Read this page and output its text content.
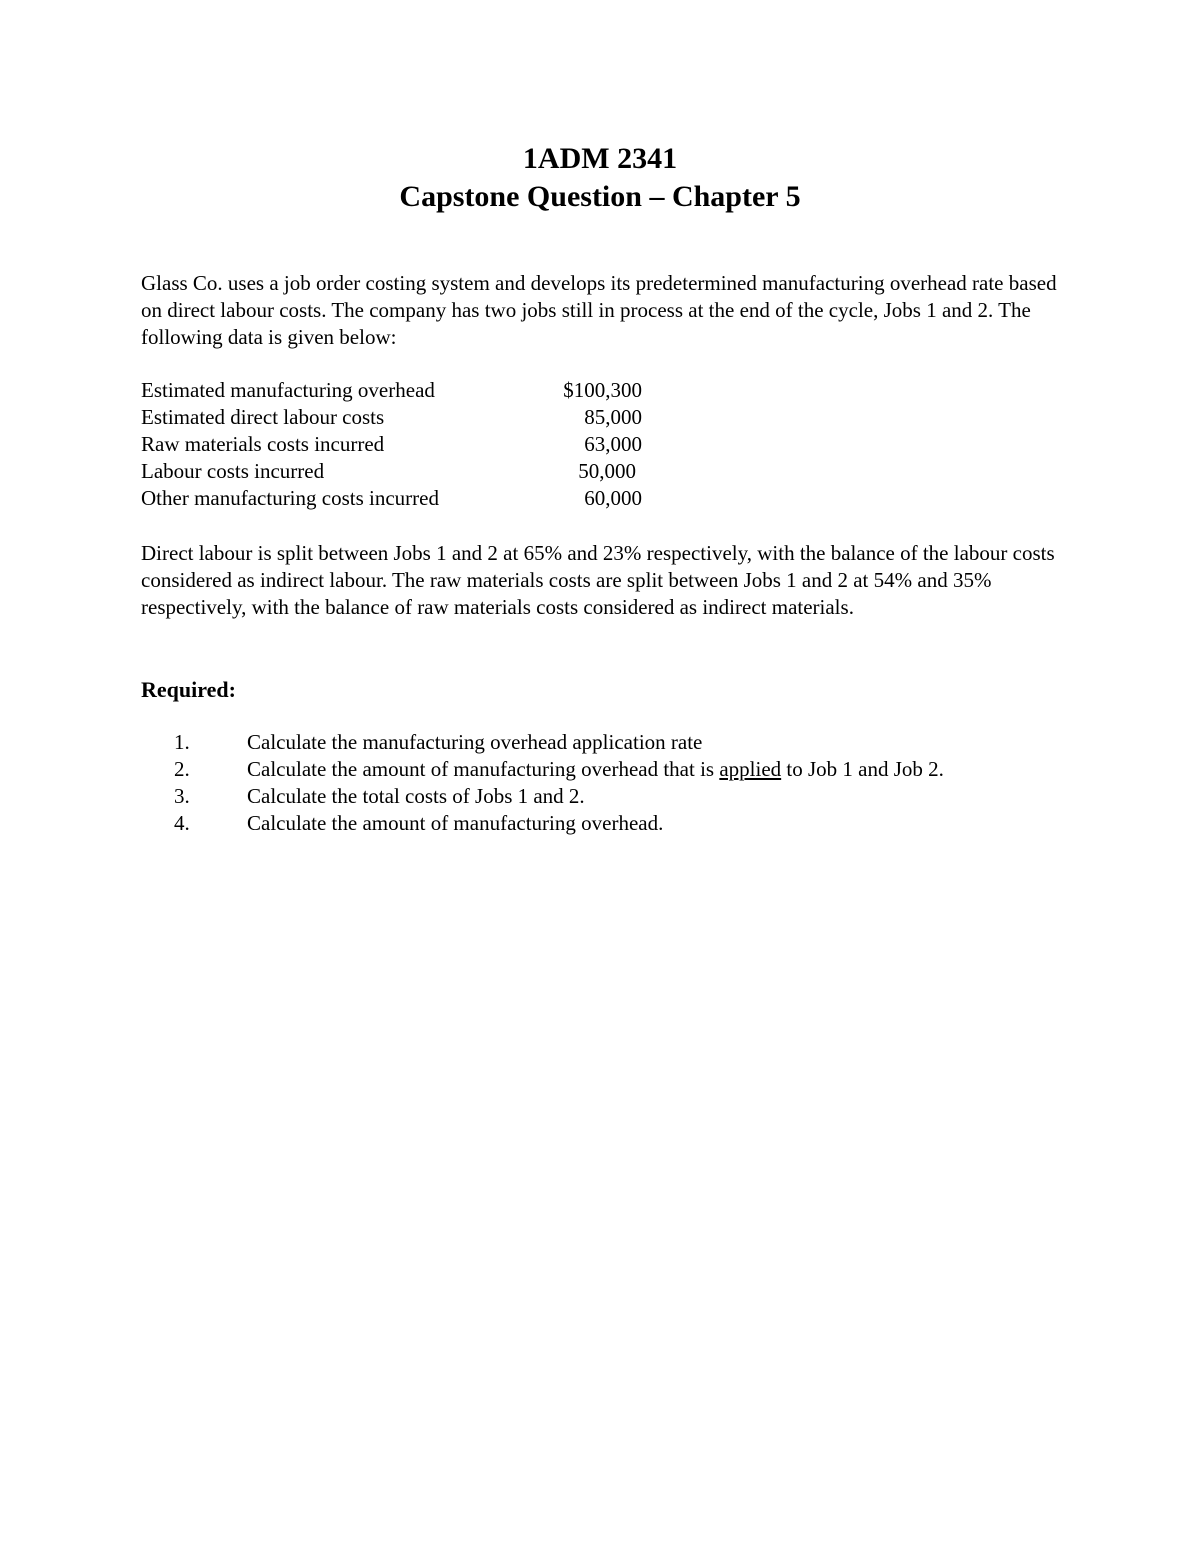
1ADM 2341
Capstone Question – Chapter 5

Glass Co. uses a job order costing system and develops its predetermined manufacturing overhead rate based on direct labour costs. The company has two jobs still in process at the end of the cycle, Jobs 1 and 2. The following data is given below:

Estimated manufacturing overhead	$100,300
Estimated direct labour costs	85,000
Raw materials costs incurred	63,000
Labour costs incurred	50,000
Other manufacturing costs incurred	60,000

Direct labour is split between Jobs 1 and 2 at 65% and 23% respectively, with the balance of the labour costs considered as indirect labour. The raw materials costs are split between Jobs 1 and 2 at 54% and 35% respectively, with the balance of raw materials costs considered as indirect materials.

Required:
1.	Calculate the manufacturing overhead application rate
2.	Calculate the amount of manufacturing overhead that is applied to Job 1 and Job 2.
3.	Calculate the total costs of Jobs 1 and 2.
4.	Calculate the amount of manufacturing overhead.
